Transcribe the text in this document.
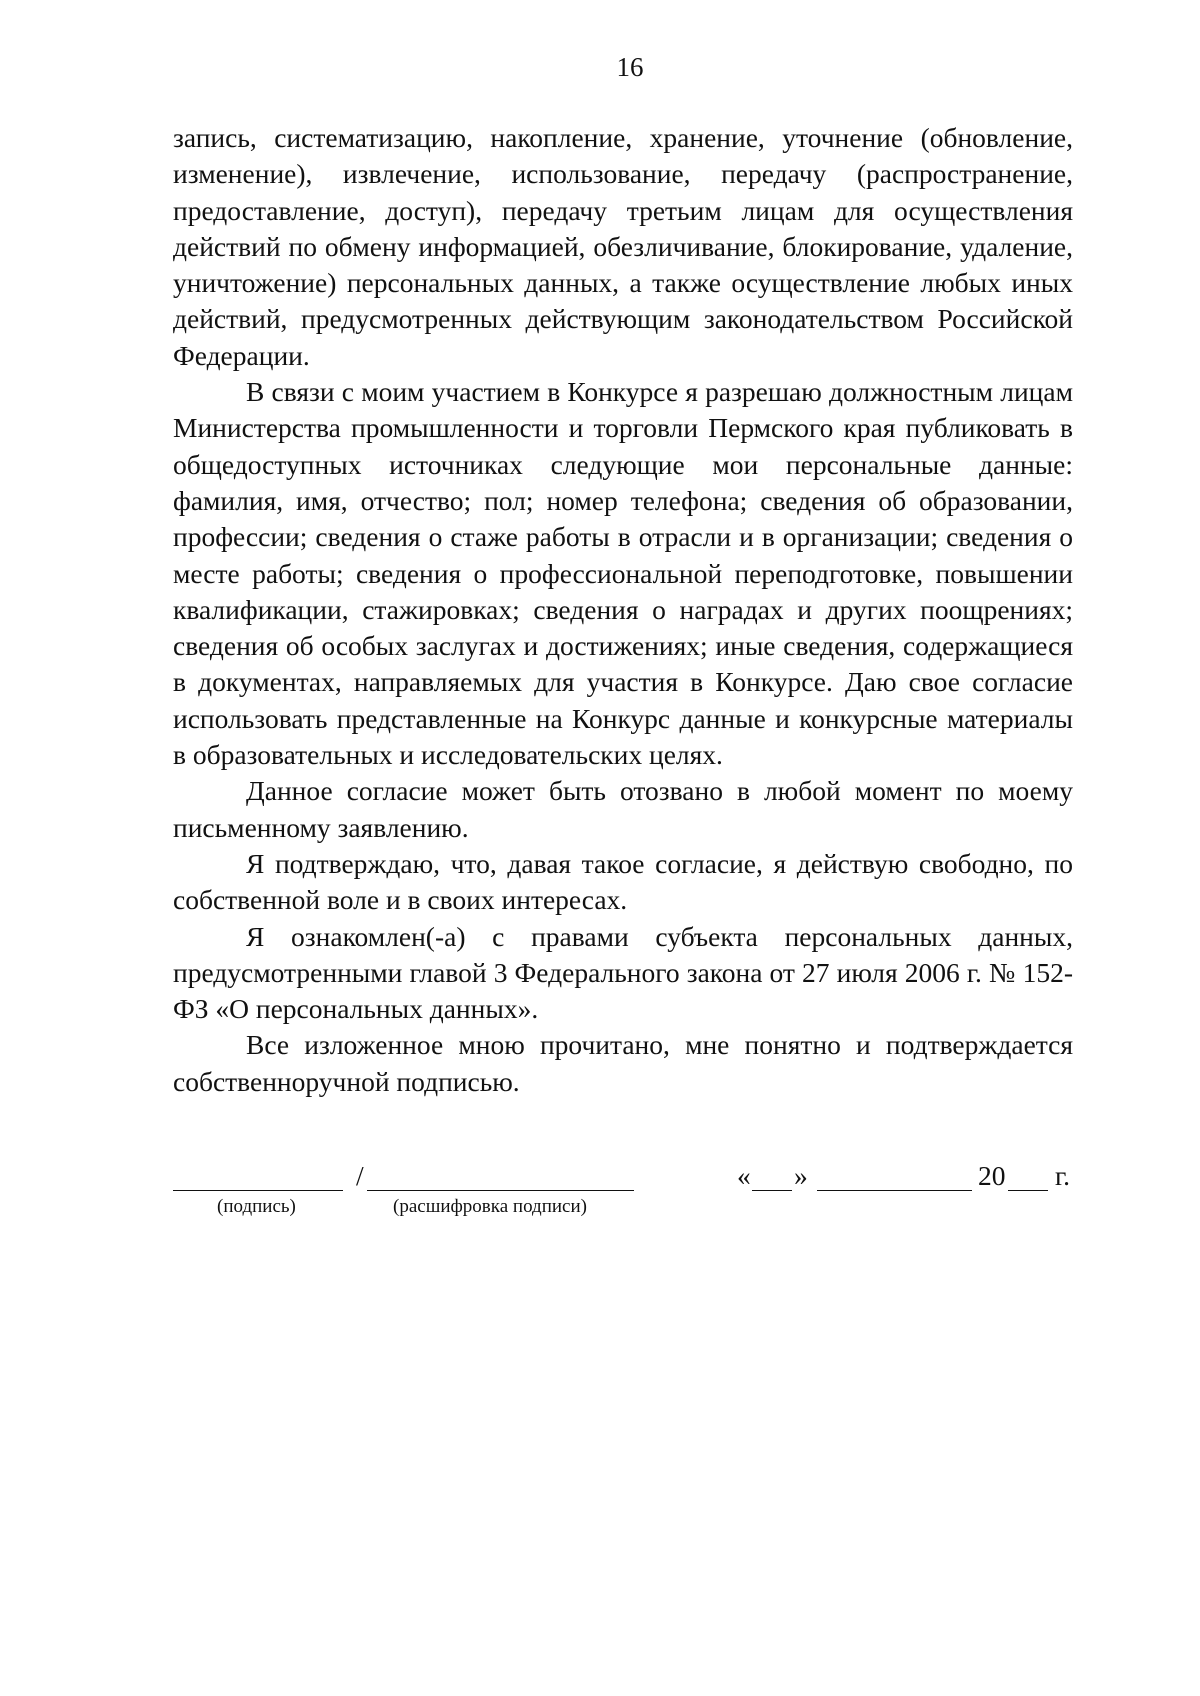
16

запись, систематизацию, накопление, хранение, уточнение (обновление, изменение), извлечение, использование, передачу (распространение, предоставление, доступ), передачу третьим лицам для осуществления действий по обмену информацией, обезличивание, блокирование, удаление, уничтожение) персональных данных, а также осуществление любых иных действий, предусмотренных действующим законодательством Российской Федерации.

В связи с моим участием в Конкурсе я разрешаю должностным лицам Министерства промышленности и торговли Пермского края публиковать в общедоступных источниках следующие мои персональные данные: фамилия, имя, отчество; пол; номер телефона; сведения об образовании, профессии; сведения о стаже работы в отрасли и в организации; сведения о месте работы; сведения о профессиональной переподготовке, повышении квалификации, стажировках; сведения о наградах и других поощрениях; сведения об особых заслугах и достижениях; иные сведения, содержащиеся в документах, направляемых для участия в Конкурсе. Даю свое согласие использовать представленные на Конкурс данные и конкурсные материалы в образовательных и исследовательских целях.

Данное согласие может быть отозвано в любой момент по моему письменному заявлению.

Я подтверждаю, что, давая такое согласие, я действую свободно, по собственной воле и в своих интересах.

Я ознакомлен(-а) с правами субъекта персональных данных, предусмотренными главой 3 Федерального закона от 27 июля 2006 г. № 152-ФЗ «О персональных данных».

Все изложенное мною прочитано, мне понятно и подтверждается собственноручной подписью.

/
(подпись)	(расшифровка подписи)
« »	20 г.
